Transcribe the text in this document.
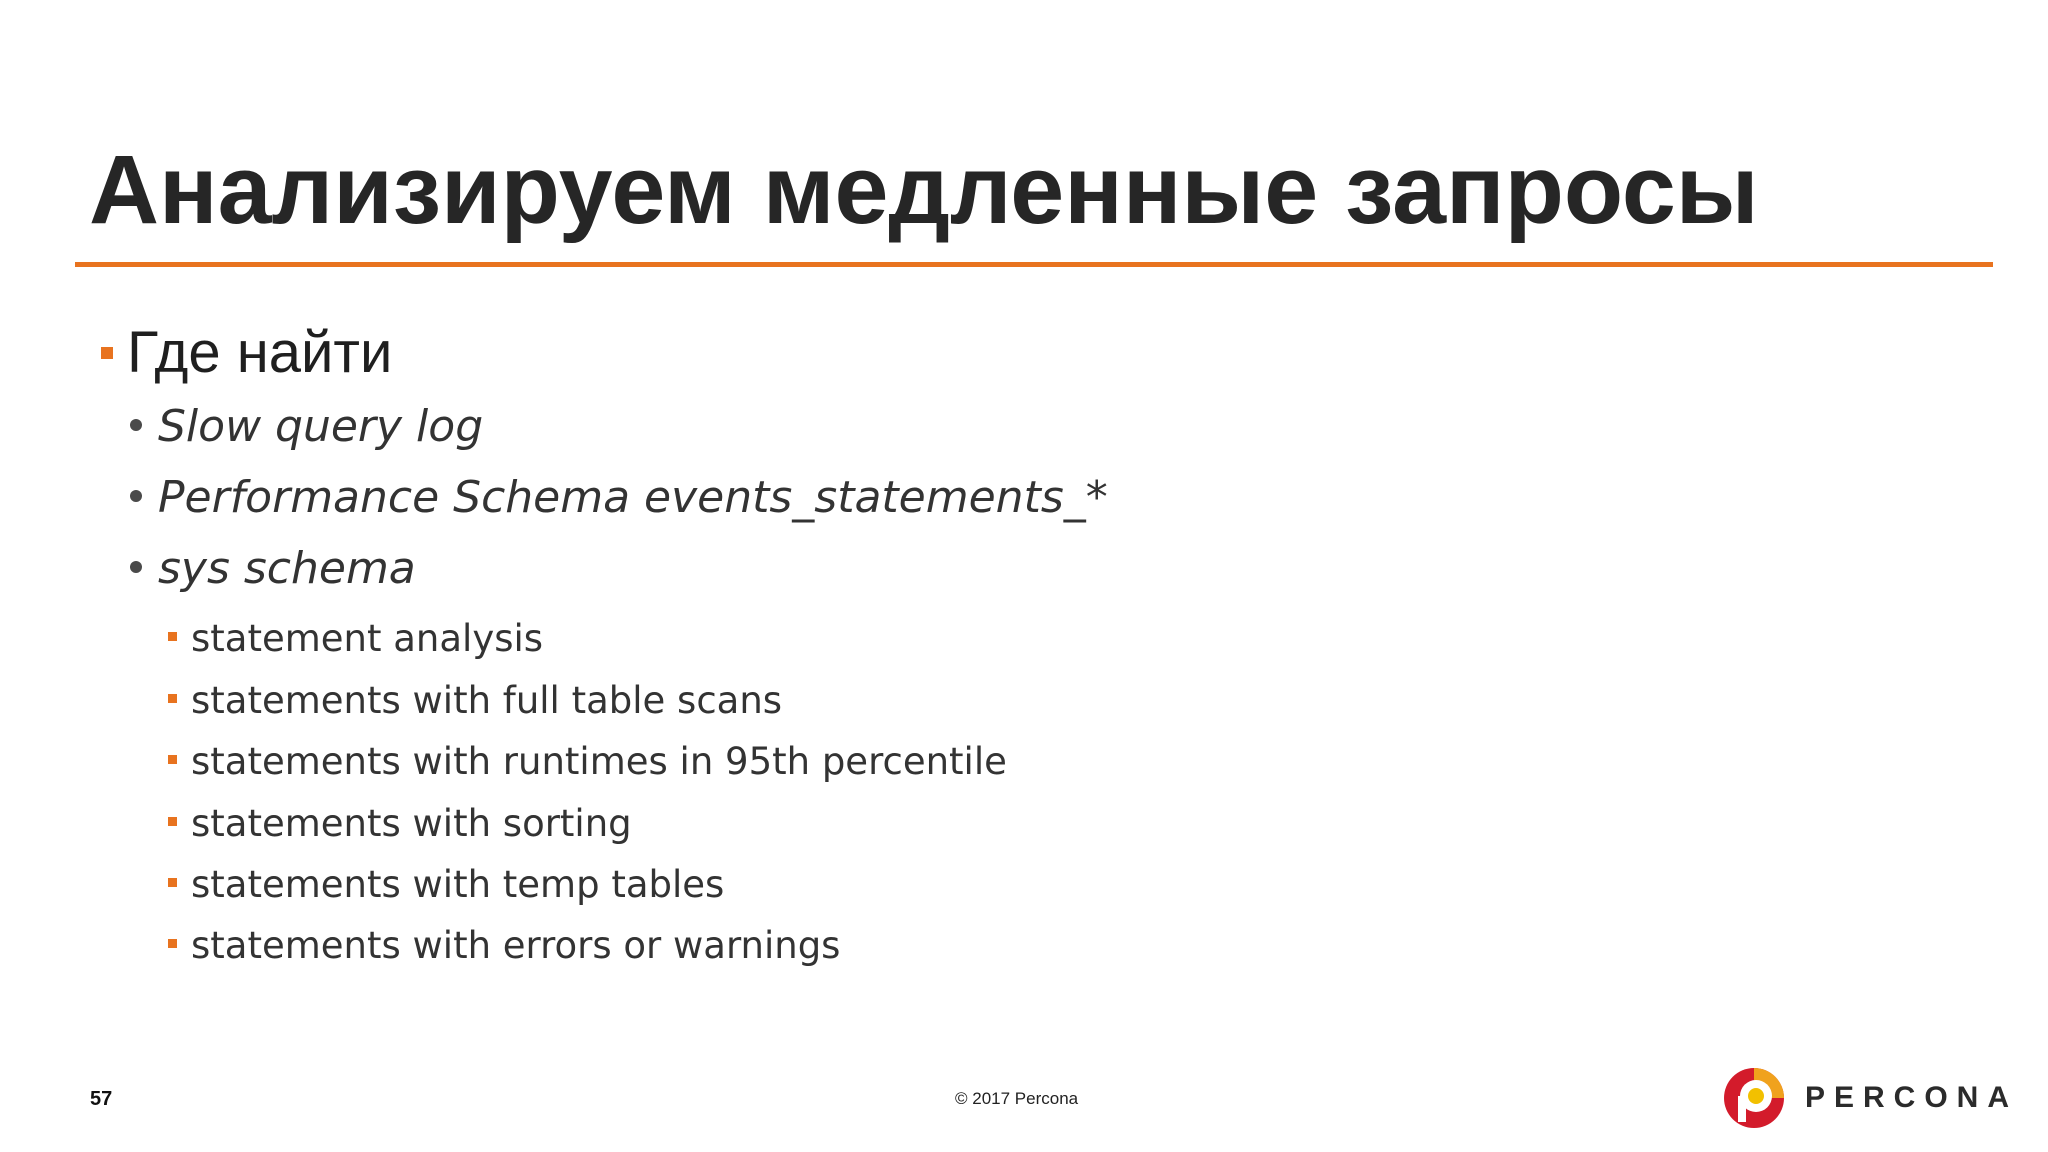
Анализируем медленные запросы
Где найти
Slow query log
Performance Schema events_statements_*
sys schema
statement analysis
statements with full table scans
statements with runtimes in 95th percentile
statements with sorting
statements with temp tables
statements with errors or warnings
57	© 2017 Percona	PERCONA
